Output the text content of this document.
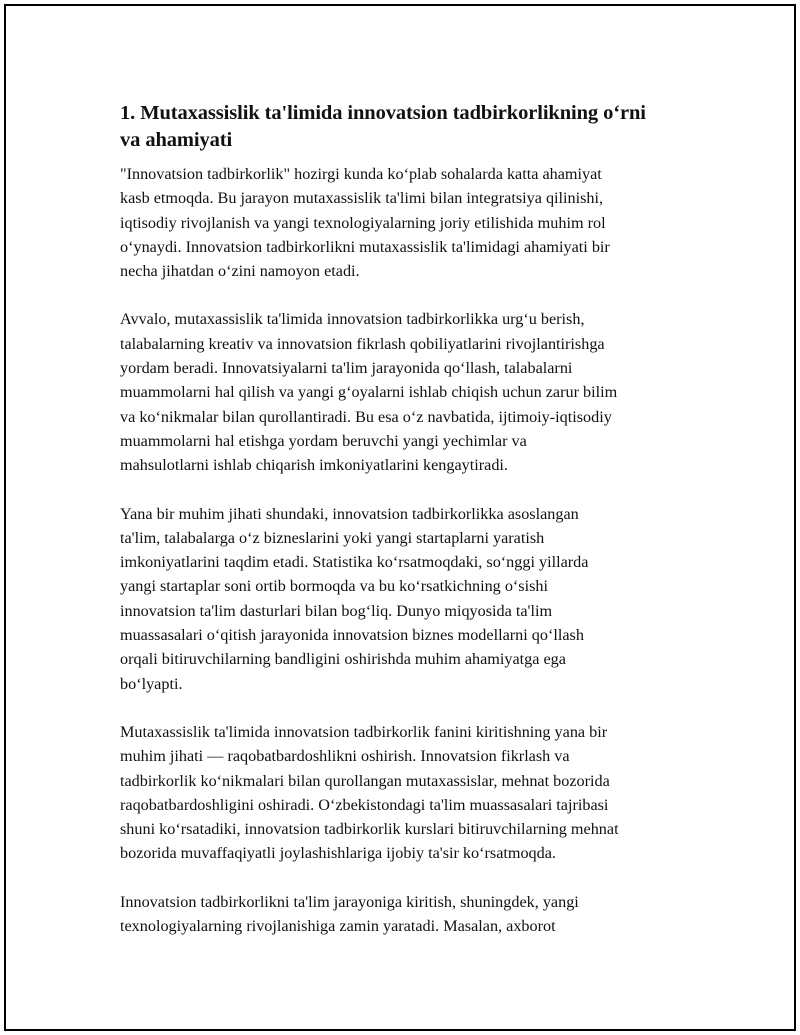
1. Mutaxassislik ta'limida innovatsion tadbirkorlikning o‘rni
va ahamiyati

"Innovatsion tadbirkorlik" hozirgi kunda ko‘plab sohalarda katta ahamiyat
kasb etmoqda. Bu jarayon mutaxassislik ta'limi bilan integratsiya qilinishi,
iqtisodiy rivojlanish va yangi texnologiyalarning joriy etilishida muhim rol
o‘ynaydi. Innovatsion tadbirkorlikni mutaxassislik ta'limidagi ahamiyati bir
necha jihatdan o‘zini namoyon etadi.

Avvalo, mutaxassislik ta'limida innovatsion tadbirkorlikka urg‘u berish,
talabalarning kreativ va innovatsion fikrlash qobiliyatlarini rivojlantirishga
yordam beradi. Innovatsiyalarni ta'lim jarayonida qo‘llash, talabalarni
muammolarni hal qilish va yangi g‘oyalarni ishlab chiqish uchun zarur bilim
va ko‘nikmalar bilan qurollantiradi. Bu esa o‘z navbatida, ijtimoiy-iqtisodiy
muammolarni hal etishga yordam beruvchi yangi yechimlar va
mahsulotlarni ishlab chiqarish imkoniyatlarini kengaytiradi.

Yana bir muhim jihati shundaki, innovatsion tadbirkorlikka asoslangan
ta'lim, talabalarga o‘z bizneslarini yoki yangi startaplarni yaratish
imkoniyatlarini taqdim etadi. Statistika ko‘rsatmoqdaki, so‘nggi yillarda
yangi startaplar soni ortib bormoqda va bu ko‘rsatkichning o‘sishi
innovatsion ta'lim dasturlari bilan bog‘liq. Dunyo miqyosida ta'lim
muassasalari o‘qitish jarayonida innovatsion biznes modellarni qo‘llash
orqali bitiruvchilarning bandligini oshirishda muhim ahamiyatga ega
bo‘lyapti.

Mutaxassislik ta'limida innovatsion tadbirkorlik fanini kiritishning yana bir
muhim jihati — raqobatbardoshlikni oshirish. Innovatsion fikrlash va
tadbirkorlik ko‘nikmalari bilan qurollangan mutaxassislar, mehnat bozorida
raqobatbardoshligini oshiradi. O‘zbekistondagi ta'lim muassasalari tajribasi
shuni ko‘rsatadiki, innovatsion tadbirkorlik kurslari bitiruvchilarning mehnat
bozorida muvaffaqiyatli joylashishlariga ijobiy ta'sir ko‘rsatmoqda.

Innovatsion tadbirkorlikni ta'lim jarayoniga kiritish, shuningdek, yangi
texnologiyalarning rivojlanishiga zamin yaratadi. Masalan, axborot
